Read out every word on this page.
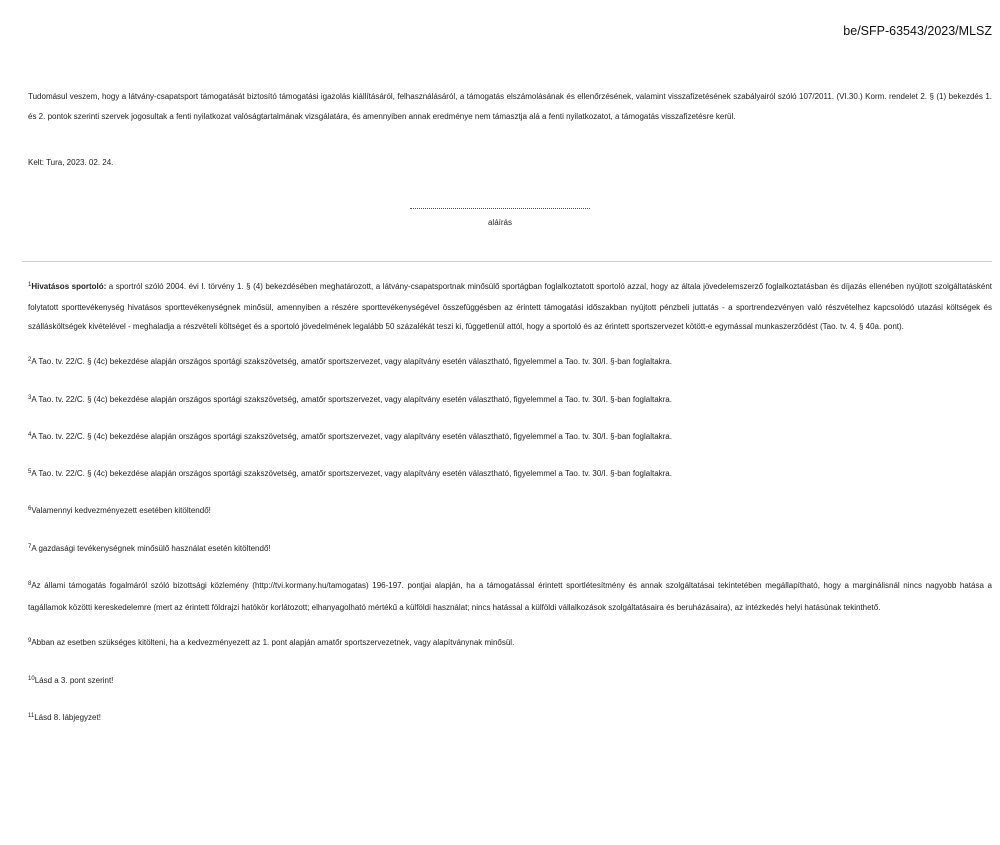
be/SFP-63543/2023/MLSZ

Tudomásul veszem, hogy a látvány-csapatsport támogatását biztosító támogatási igazolás kiállításáról, felhasználásáról, a támogatás elszámolásának és ellenőrzésének, valamint visszafizetésének szabályairól szóló 107/2011. (VI.30.) Korm. rendelet 2. § (1) bekezdés 1. és 2. pontok szerinti szervek jogosultak a fenti nyilatkozat valóságtartalmának vizsgálatára, és amennyiben annak eredménye nem támasztja alá a fenti nyilatkozatot, a támogatás visszafizetésre kerül.

Kelt: Tura, 2023. 02. 24.
aláírás

$^1$Hivatásos sportoló: a sportról szóló 2004. évi I. törvény 1. § (4) bekezdésében meghatározott, a látvány-csapatsportnak minősülő sportágban foglalkoztatott sportoló azzal, hogy az általa jövedelemszerző foglalkoztatásban és díjazás ellenében nyújtott szolgáltatásként folytatott sporttevékenység hivatásos sporttevékenységnek minősül, amennyiben a részére sporttevékenységével összefüggésben az érintett támogatási időszakban nyújtott pénzbeli juttatás - a sportrendezvényen való részvételhez kapcsolódó utazási költségek és szállásköltségek kivételével - meghaladja a részvételi költséget és a sportoló jövedelmének legalább 50 százalékát teszi ki, függetlenül attól, hogy a sportoló és az érintett sportszervezet kötött-e egymással munkaszerződést (Tao. tv. 4. § 40a. pont).

$^2$A Tao. tv. 22/C. § (4c) bekezdése alapján országos sportági szakszövetség, amatőr sportszervezet, vagy alapítvány esetén választható, figyelemmel a Tao. tv. 30/I. §-ban foglaltakra.

$^3$A Tao. tv. 22/C. § (4c) bekezdése alapján országos sportági szakszövetség, amatőr sportszervezet, vagy alapítvány esetén választható, figyelemmel a Tao. tv. 30/I. §-ban foglaltakra.

$^4$A Tao. tv. 22/C. § (4c) bekezdése alapján országos sportági szakszövetség, amatőr sportszervezet, vagy alapítvány esetén választható, figyelemmel a Tao. tv. 30/I. §-ban foglaltakra.

$^5$A Tao. tv. 22/C. § (4c) bekezdése alapján országos sportági szakszövetség, amatőr sportszervezet, vagy alapítvány esetén választható, figyelemmel a Tao. tv. 30/I. §-ban foglaltakra.

$^6$Valamennyi kedvezményezett esetében kitöltendő!

$^7$A gazdasági tevékenységnek minősülő használat esetén kitöltendő!

$^8$Az állami támogatás fogalmáról szóló bizottsági közlemény (http://tvi.kormany.hu/tamogatas) 196-197. pontjai alapján, ha a támogatással érintett sportlétesítmény és annak szolgáltatásai tekintetében megállapítható, hogy a marginálisnál nincs nagyobb hatása a tagállamok közötti kereskedelemre (mert az érintett földrajzi hatókör korlátozott; elhanyagolható mértékű a külföldi használat; nincs hatással a külföldi vállalkozások szolgáltatásaira és beruházásaira), az intézkedés helyi hatásúnak tekinthető.

$^9$Abban az esetben szükséges kitölteni, ha a kedvezményezett az 1. pont alapján amatőr sportszervezetnek, vagy alapítványnak minősül.

$^{10}$Lásd a 3. pont szerint!

$^{11}$Lásd 8. lábjegyzet!
